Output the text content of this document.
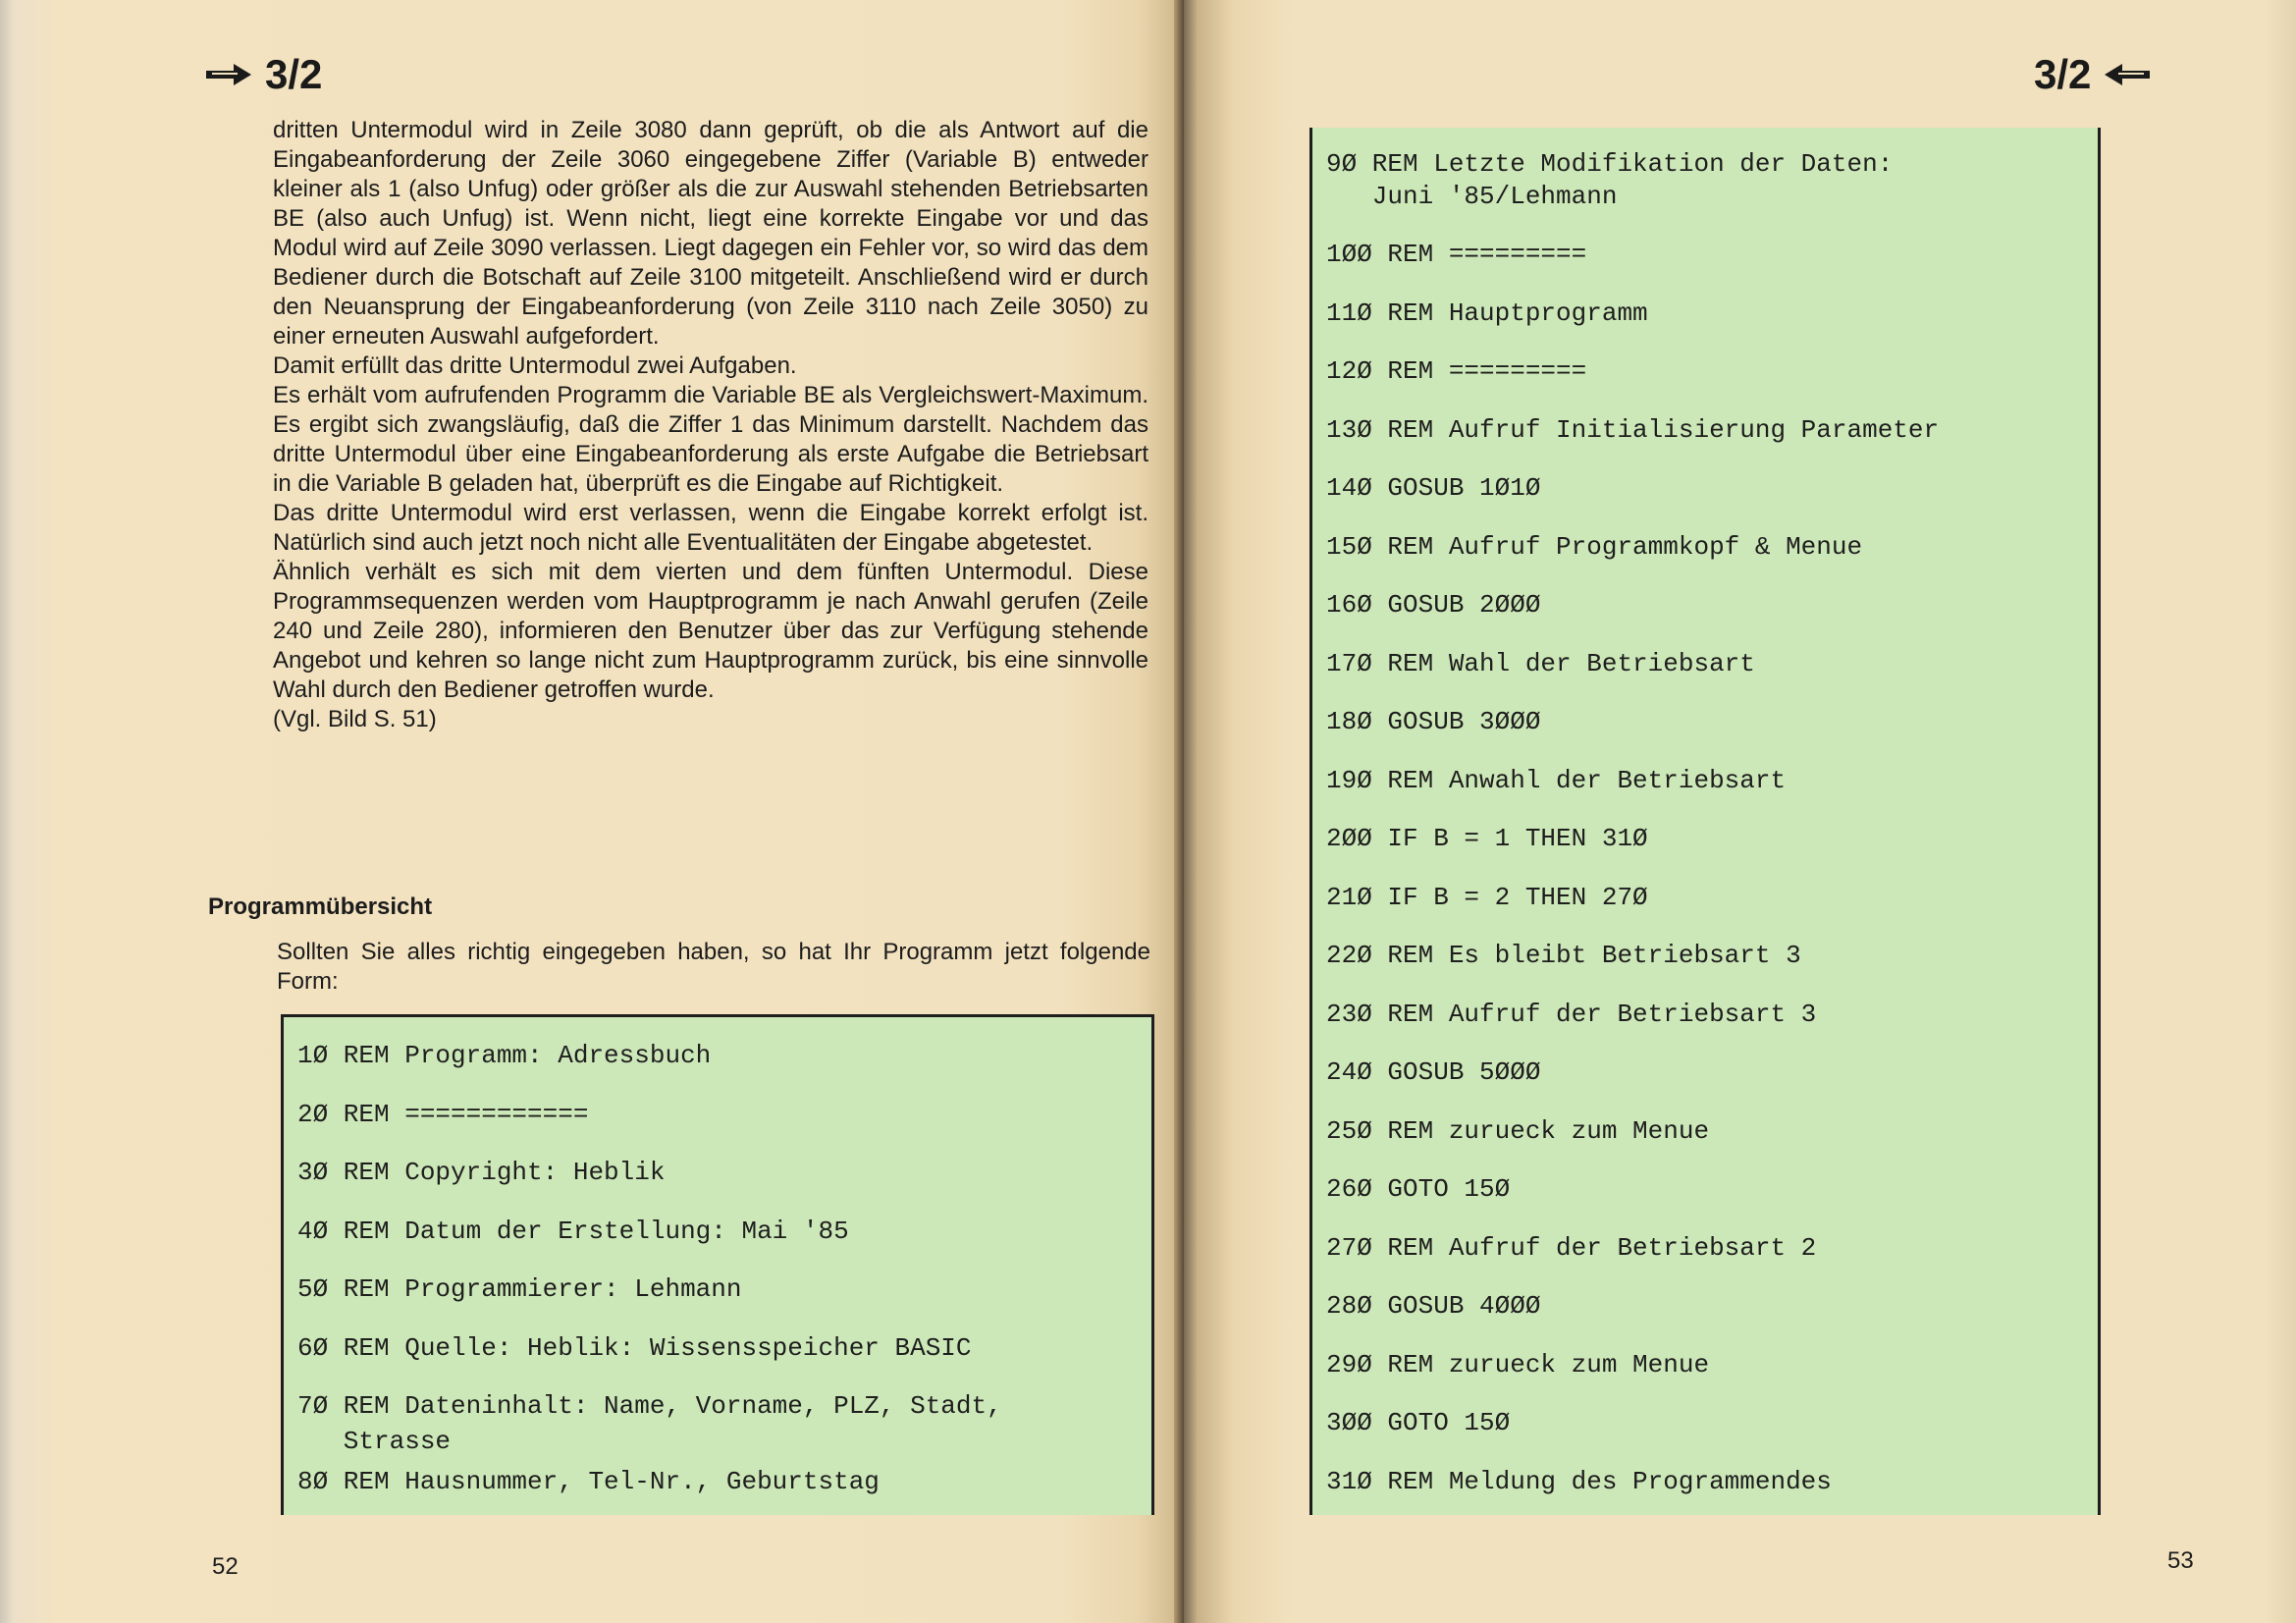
3/2

dritten Untermodul wird in Zeile 3080 dann geprüft, ob die als Antwort auf die Eingabeanforderung der Zeile 3060 eingegebene Ziffer (Variable B) entweder kleiner als 1 (also Unfug) oder größer als die zur Auswahl stehenden Betriebsarten BE (also auch Unfug) ist. Wenn nicht, liegt eine korrekte Eingabe vor und das Modul wird auf Zeile 3090 verlassen. Liegt dagegen ein Fehler vor, so wird das dem Bediener durch die Botschaft auf Zeile 3100 mitgeteilt. Anschließend wird er durch den Neuansprung der Eingabeanforderung (von Zeile 3110 nach Zeile 3050) zu einer erneuten Auswahl aufgefordert.

Damit erfüllt das dritte Untermodul zwei Aufgaben.

Es erhält vom aufrufenden Programm die Variable BE als Vergleichswert-Maximum. Es ergibt sich zwangsläufig, daß die Ziffer 1 das Minimum darstellt. Nachdem das dritte Untermodul über eine Eingabeanforderung als erste Aufgabe die Betriebsart in die Variable B geladen hat, überprüft es die Eingabe auf Richtigkeit.

Das dritte Untermodul wird erst verlassen, wenn die Eingabe korrekt erfolgt ist. Natürlich sind auch jetzt noch nicht alle Eventualitäten der Eingabe abgetestet.

Ähnlich verhält es sich mit dem vierten und dem fünften Untermodul. Diese Programmsequenzen werden vom Hauptprogramm je nach Anwahl gerufen (Zeile 240 und Zeile 280), informieren den Benutzer über das zur Verfügung stehende Angebot und kehren so lange nicht zum Hauptprogramm zurück, bis eine sinnvolle Wahl durch den Bediener getroffen wurde.

(Vgl. Bild S. 51)

Programmübersicht
Sollten Sie alles richtig eingegeben haben, so hat Ihr Programm jetzt folgende Form:
1Ø REM Programm: Adressbuch
2Ø REM ============
3Ø REM Copyright: Heblik
4Ø REM Datum der Erstellung: Mai '85
5Ø REM Programmierer: Lehmann
6Ø REM Quelle: Heblik: Wissensspeicher BASIC
7Ø REM Dateninhalt: Name, Vorname, PLZ, Stadt,
Strasse
8Ø REM Hausnummer, Tel-Nr., Geburtstag
52
3/2
53
9Ø REM Letzte Modifikation der Daten:
Juni '85/Lehmann
1ØØ REM =========
11Ø REM Hauptprogramm
12Ø REM =========
13Ø REM Aufruf Initialisierung Parameter
14Ø GOSUB 1Ø1Ø
15Ø REM Aufruf Programmkopf & Menue
16Ø GOSUB 2ØØØ
17Ø REM Wahl der Betriebsart
18Ø GOSUB 3ØØØ
19Ø REM Anwahl der Betriebsart
2ØØ IF B = 1 THEN 31Ø
21Ø IF B = 2 THEN 27Ø
22Ø REM Es bleibt Betriebsart 3
23Ø REM Aufruf der Betriebsart 3
24Ø GOSUB 5ØØØ
25Ø REM zurueck zum Menue
26Ø GOTO 15Ø
27Ø REM Aufruf der Betriebsart 2
28Ø GOSUB 4ØØØ
29Ø REM zurueck zum Menue
3ØØ GOTO 15Ø
31Ø REM Meldung des Programmendes
